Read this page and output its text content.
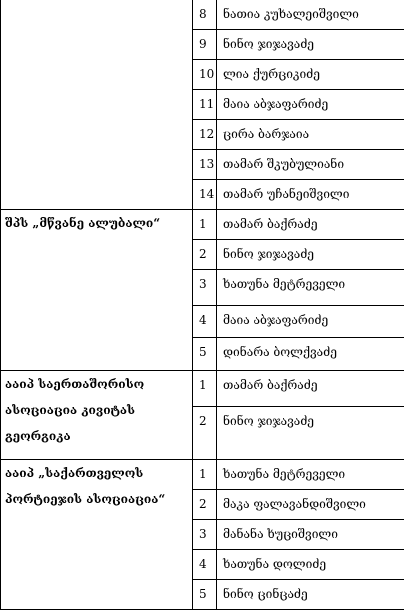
	8	ნათია კუხალეიშვილი
	9	ნინო ჯიჯავაძე
	10	ლია ქურციკიძე
	11	მაია აბჯაფარიძე
	12	ცირა ბარჯაია
	13	თამარ შკუბულიანი
	14	თამარ უჩანეიშვილი
შპს „მწვანე ალუბალი“	1	თამარ ბაქრაძე
	2	ნინო ჯიჯავაძე
	3	ხათუნა მეტრეველი
	4	მაია აბჯაფარიძე
	5	დინარა ბოლქვაძე
ააიპ საერთაშორისო ასოციაცია კივიტას გეორგიკა	1	თამარ ბაქრაძე
	2	ნინო ჯიჯავაძე
ააიპ „საქართველოს პორტიეჯის ასოციაცია“	1	ხათუნა მეტრეველი
	2	მაკა ფალავანდიშვილი
	3	მანანა ხუციშვილი
	4	ხათუნა დოლიძე
	5	ნინო ცინცაძე
